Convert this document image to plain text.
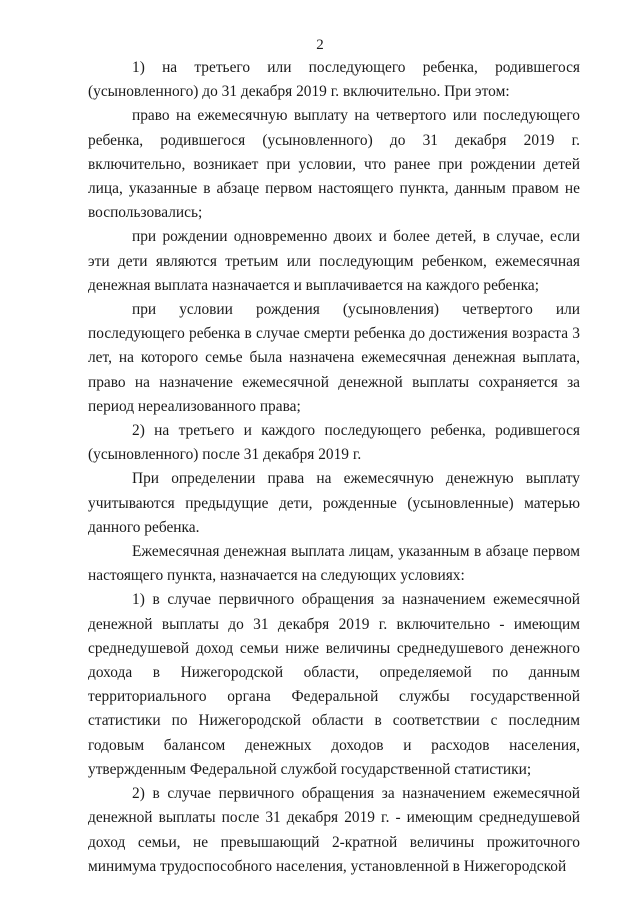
2

1) на третьего или последующего ребенка, родившегося (усыновленного) до 31 декабря 2019 г. включительно. При этом:

право на ежемесячную выплату на четвертого или последующего ребенка, родившегося (усыновленного) до 31 декабря 2019 г. включительно, возникает при условии, что ранее при рождении детей лица, указанные в абзаце первом настоящего пункта, данным правом не воспользовались;

при рождении одновременно двоих и более детей, в случае, если эти дети являются третьим или последующим ребенком, ежемесячная денежная выплата назначается и выплачивается на каждого ребенка;

при условии рождения (усыновления) четвертого или последующего ребенка в случае смерти ребенка до достижения возраста 3 лет, на которого семье была назначена ежемесячная денежная выплата, право на назначение ежемесячной денежной выплаты сохраняется за период нереализованного права;

2) на третьего и каждого последующего ребенка, родившегося (усыновленного) после 31 декабря 2019 г.

При определении права на ежемесячную денежную выплату учитываются предыдущие дети, рожденные (усыновленные) матерью данного ребенка.

Ежемесячная денежная выплата лицам, указанным в абзаце первом настоящего пункта, назначается на следующих условиях:

1) в случае первичного обращения за назначением ежемесячной денежной выплаты до 31 декабря 2019 г. включительно - имеющим среднедушевой доход семьи ниже величины среднедушевого денежного дохода в Нижегородской области, определяемой по данным территориального органа Федеральной службы государственной статистики по Нижегородской области в соответствии с последним годовым балансом денежных доходов и расходов населения, утвержденным Федеральной службой государственной статистики;

2) в случае первичного обращения за назначением ежемесячной денежной выплаты после 31 декабря 2019 г. - имеющим среднедушевой доход семьи, не превышающий 2-кратной величины прожиточного минимума трудоспособного населения, установленной в Нижегородской
